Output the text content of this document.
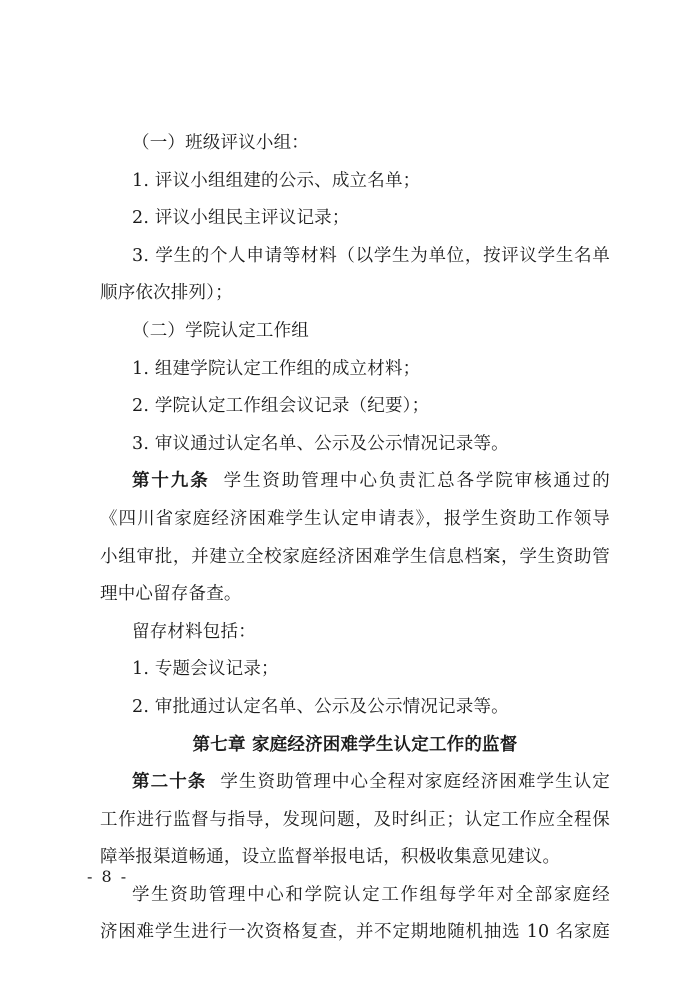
（一）班级评议小组：
1. 评议小组组建的公示、成立名单；
2. 评议小组民主评议记录；
3. 学生的个人申请等材料（以学生为单位，按评议学生名单
顺序依次排列）；
（二）学院认定工作组
1. 组建学院认定工作组的成立材料；
2. 学院认定工作组会议记录（纪要）；
3. 审议通过认定名单、公示及公示情况记录等。
第十九条 学生资助管理中心负责汇总各学院审核通过的
《四川省家庭经济困难学生认定申请表》，报学生资助工作领导
小组审批，并建立全校家庭经济困难学生信息档案，学生资助管
理中心留存备查。
留存材料包括：
1. 专题会议记录；
2. 审批通过认定名单、公示及公示情况记录等。
第七章 家庭经济困难学生认定工作的监督
第二十条 学生资助管理中心全程对家庭经济困难学生认定
工作进行监督与指导，发现问题，及时纠正；认定工作应全程保
障举报渠道畅通，设立监督举报电话，积极收集意见建议。
学生资助管理中心和学院认定工作组每学年对全部家庭经
济困难学生进行一次资格复查，并不定期地随机抽选 10 名家庭
- 8 -
